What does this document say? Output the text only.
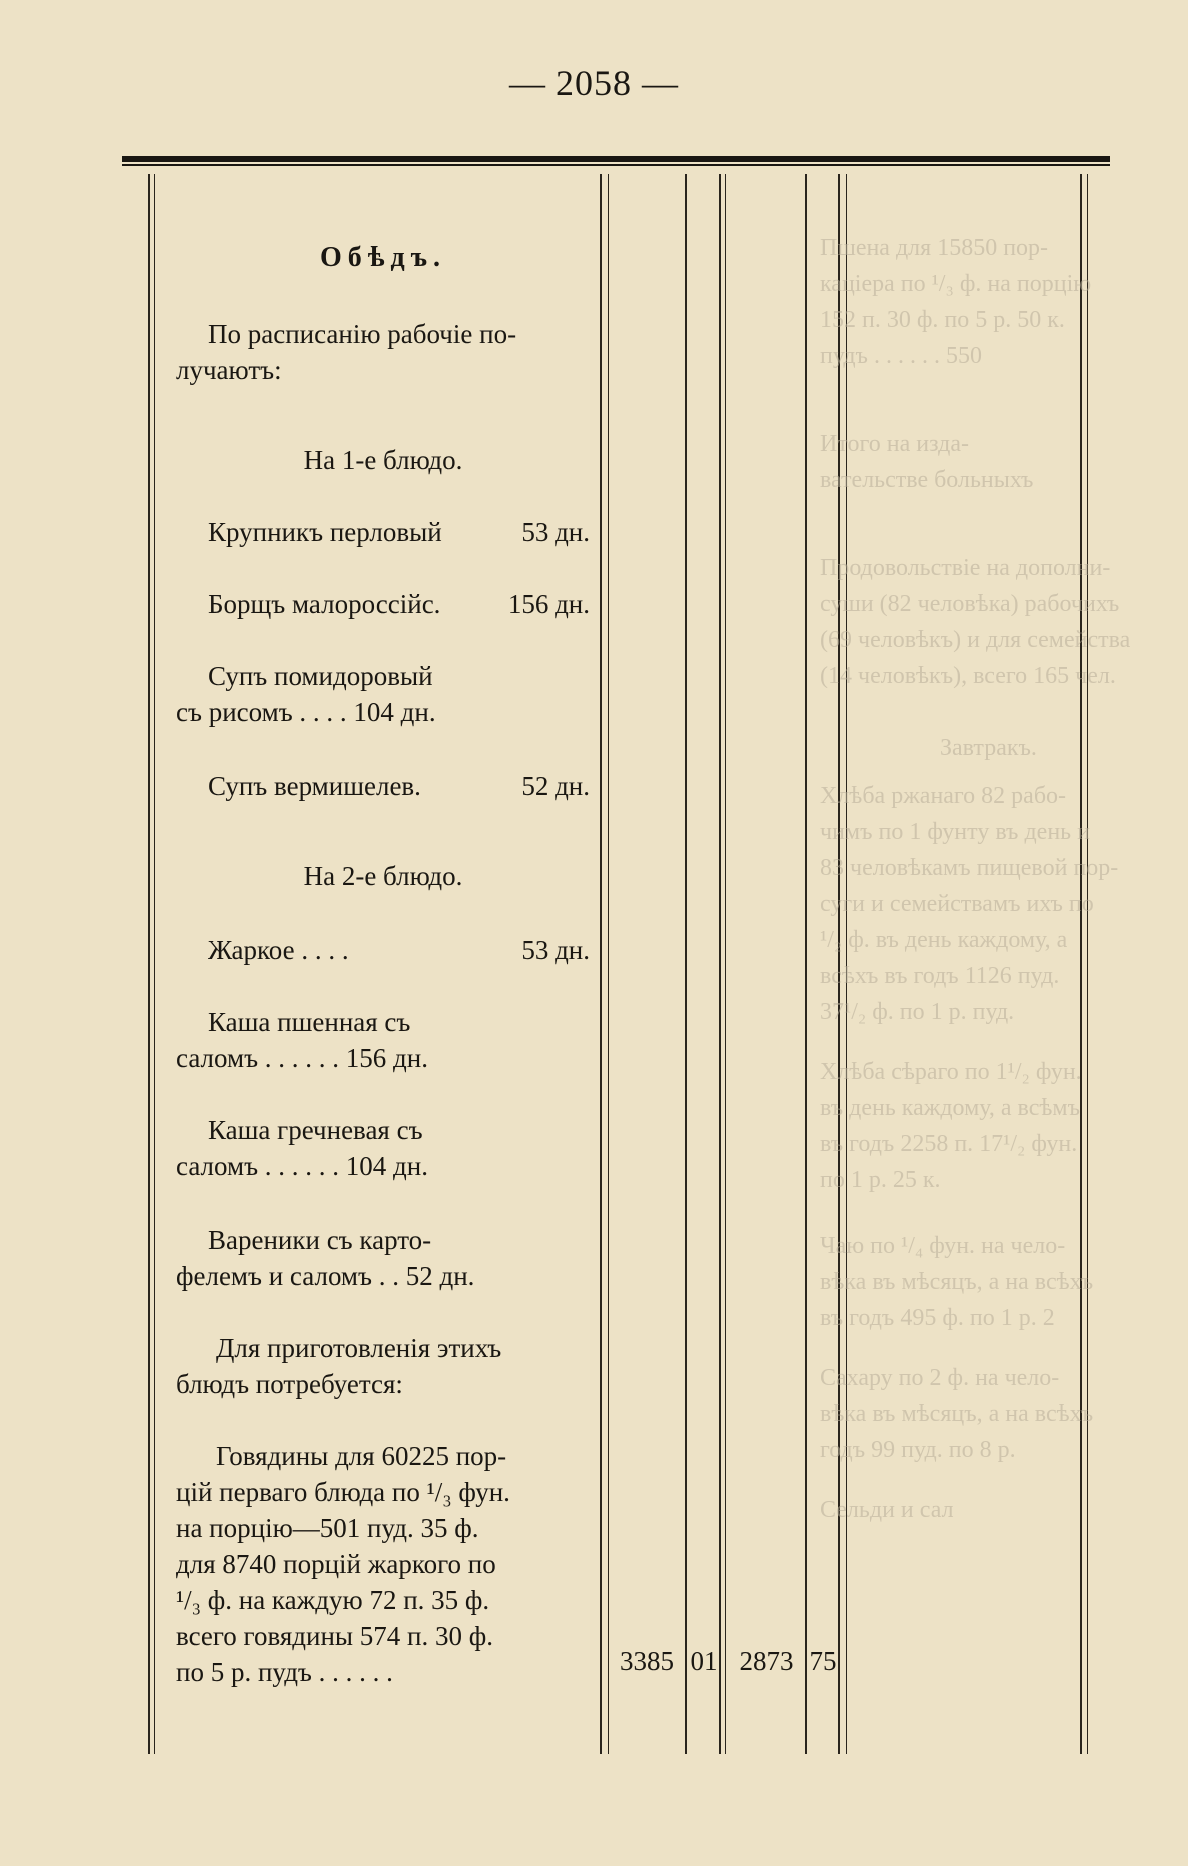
— 2058 —
Пшена для 15850 пор-
каціера по ¹/₃ ф. на порцію
152 п. 30 ф. по 5 р. 50 к.
пудъ . . . . . . 550
Итого на изда-
вательстве больныхъ
Продовольствіе на дополни-
суши (82 человѣка) рабочихъ
(69 человѣкъ) и для семейства
(14 человѣкъ), всего 165 чел.
Завтракъ.
Хлѣба ржанаго 82 рабо-
чимъ по 1 фунту въ день и
83 человѣкамъ пищевой пор-
суги и семействамъ ихъ по
¹/₂ ф. въ день каждому, а
всѣхъ въ годъ 1126 пуд.
37¹/₂ ф. по 1 р. пуд.
Хлѣба сѣраго по 1¹/₂ фун.
въ день каждому, а всѣмъ
въ годъ 2258 п. 17¹/₂ фун.
по 1 р. 25 к.
Чаю по ¹/₄ фун. на чело-
вѣка въ мѣсяцъ, а на всѣхъ
въ годъ 495 ф. по 1 р. 2
Сахару по 2 ф. на чело-
вѣка въ мѣсяцъ, а на всѣхъ
годъ 99 пуд. по 8 р.
Сельди и сал
Обѣдъ.
По расписанію рабочіе по-
лучаютъ:
На 1-е блюдо.
Крупникъ перловый	53 дн.
Борщъ малороссійс. 156 дн.
Супъ помидоровый
съ рисомъ . . . . 104 дн.
Супъ вермишелев.	52 дн.
На 2-е блюдо.
Жаркое . . . .	53 дн.
Каша пшенная съ
саломъ . . . . . . 156 дн.
Каша гречневая съ
саломъ . . . . . . 104 дн.
Вареники съ карто-
фелемъ и саломъ . . 52 дн.
Для приготовленія этихъ
блюдъ потребуется:
Говядины для 60225 пор-
цій перваго блюда по ¹/₃ фун.
на порцію—501 пуд. 35 ф.
для 8740 порцій жаркого по
¹/₃ ф. на каждую 72 п. 35 ф.
всего говядины 574 п. 30 ф.
по 5 р. пудъ . . . . . .	3385 01 2873 75
